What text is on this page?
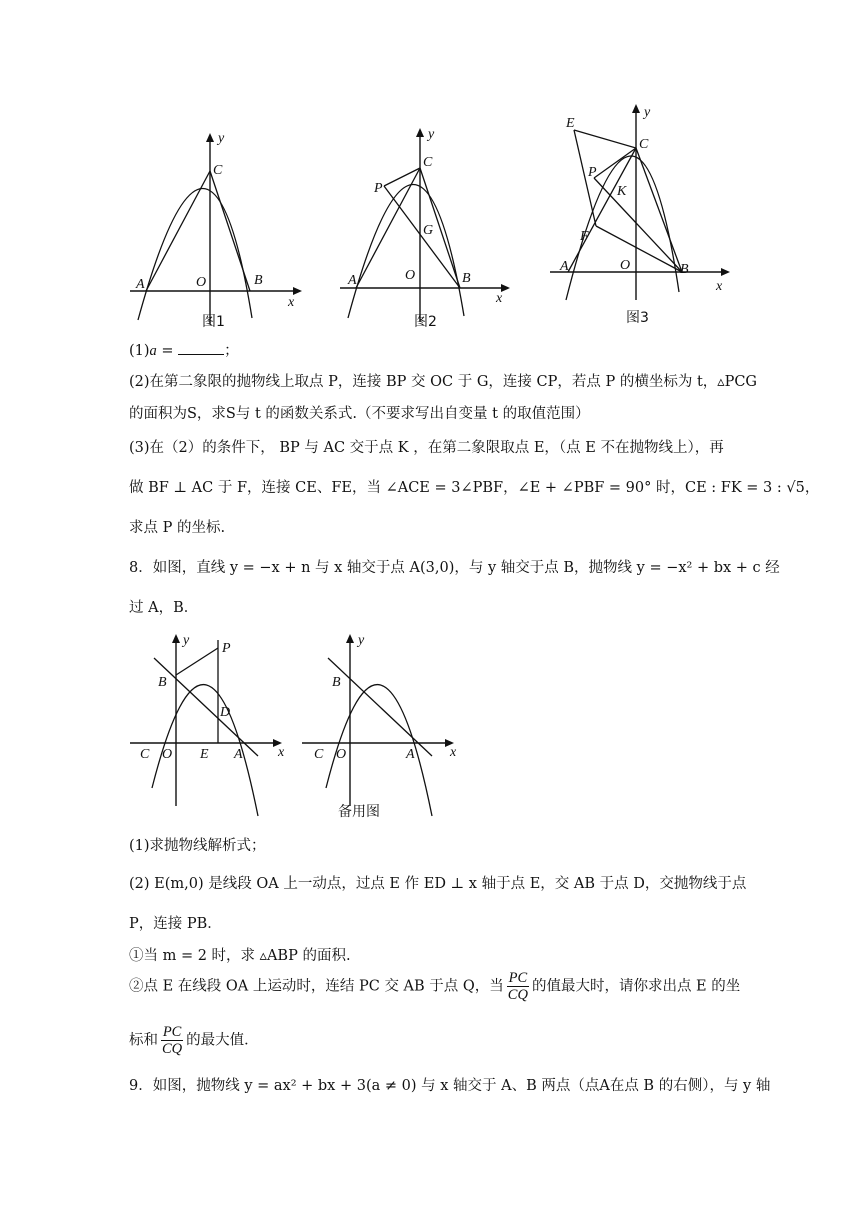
y
C
A	O	B
x
图1
y
C
P
G
A	O	B
x
图2
y
E
C
P
K
F
A	O	B
x
图3
(1)a =	；
(2)在第二象限的抛物线上取点 P，连接 BP 交 OC 于 G，连接 CP，若点 P 的横坐标为 t，▵PCG
的面积为S，求S与 t 的函数关系式.（不要求写出自变量 t 的取值范围）
(3)在（2）的条件下， BP 与 AC 交于点 K ，在第二象限取点 E，（点 E 不在抛物线上），再
做 BF ⊥ AC 于 F，连接 CE、FE，当 ∠ACE = 3∠PBF，∠E + ∠PBF = 90° 时，CE : FK = 3 : √5，
求点 P 的坐标.
8．如图，直线 y = −x + n 与 x 轴交于点 A(3,0)，与 y 轴交于点 B，抛物线 y = −x² + bx + c 经
过 A，B．
y
P
B
D
C O E A	x
y
B
C O	A	x
备用图
(1)求抛物线解析式；
(2) E(m,0) 是线段 OA 上一动点，过点 E 作 ED ⊥ x 轴于点 E，交 AB 于点 D，交抛物线于点
P，连接 PB．
①当 m = 2 时，求 ▵ABP 的面积.
②点 E 在线段 OA 上运动时，连结 PC 交 AB 于点 Q，当 $\frac{PC}{CQ}$ 的值最大时，请你求出点 E 的坐
标和 $\frac{PC}{CQ}$ 的最大值．
9．如图，抛物线 y = ax² + bx + 3(a ≠ 0) 与 x 轴交于 A、B 两点（点A在点 B 的右侧），与 y 轴
